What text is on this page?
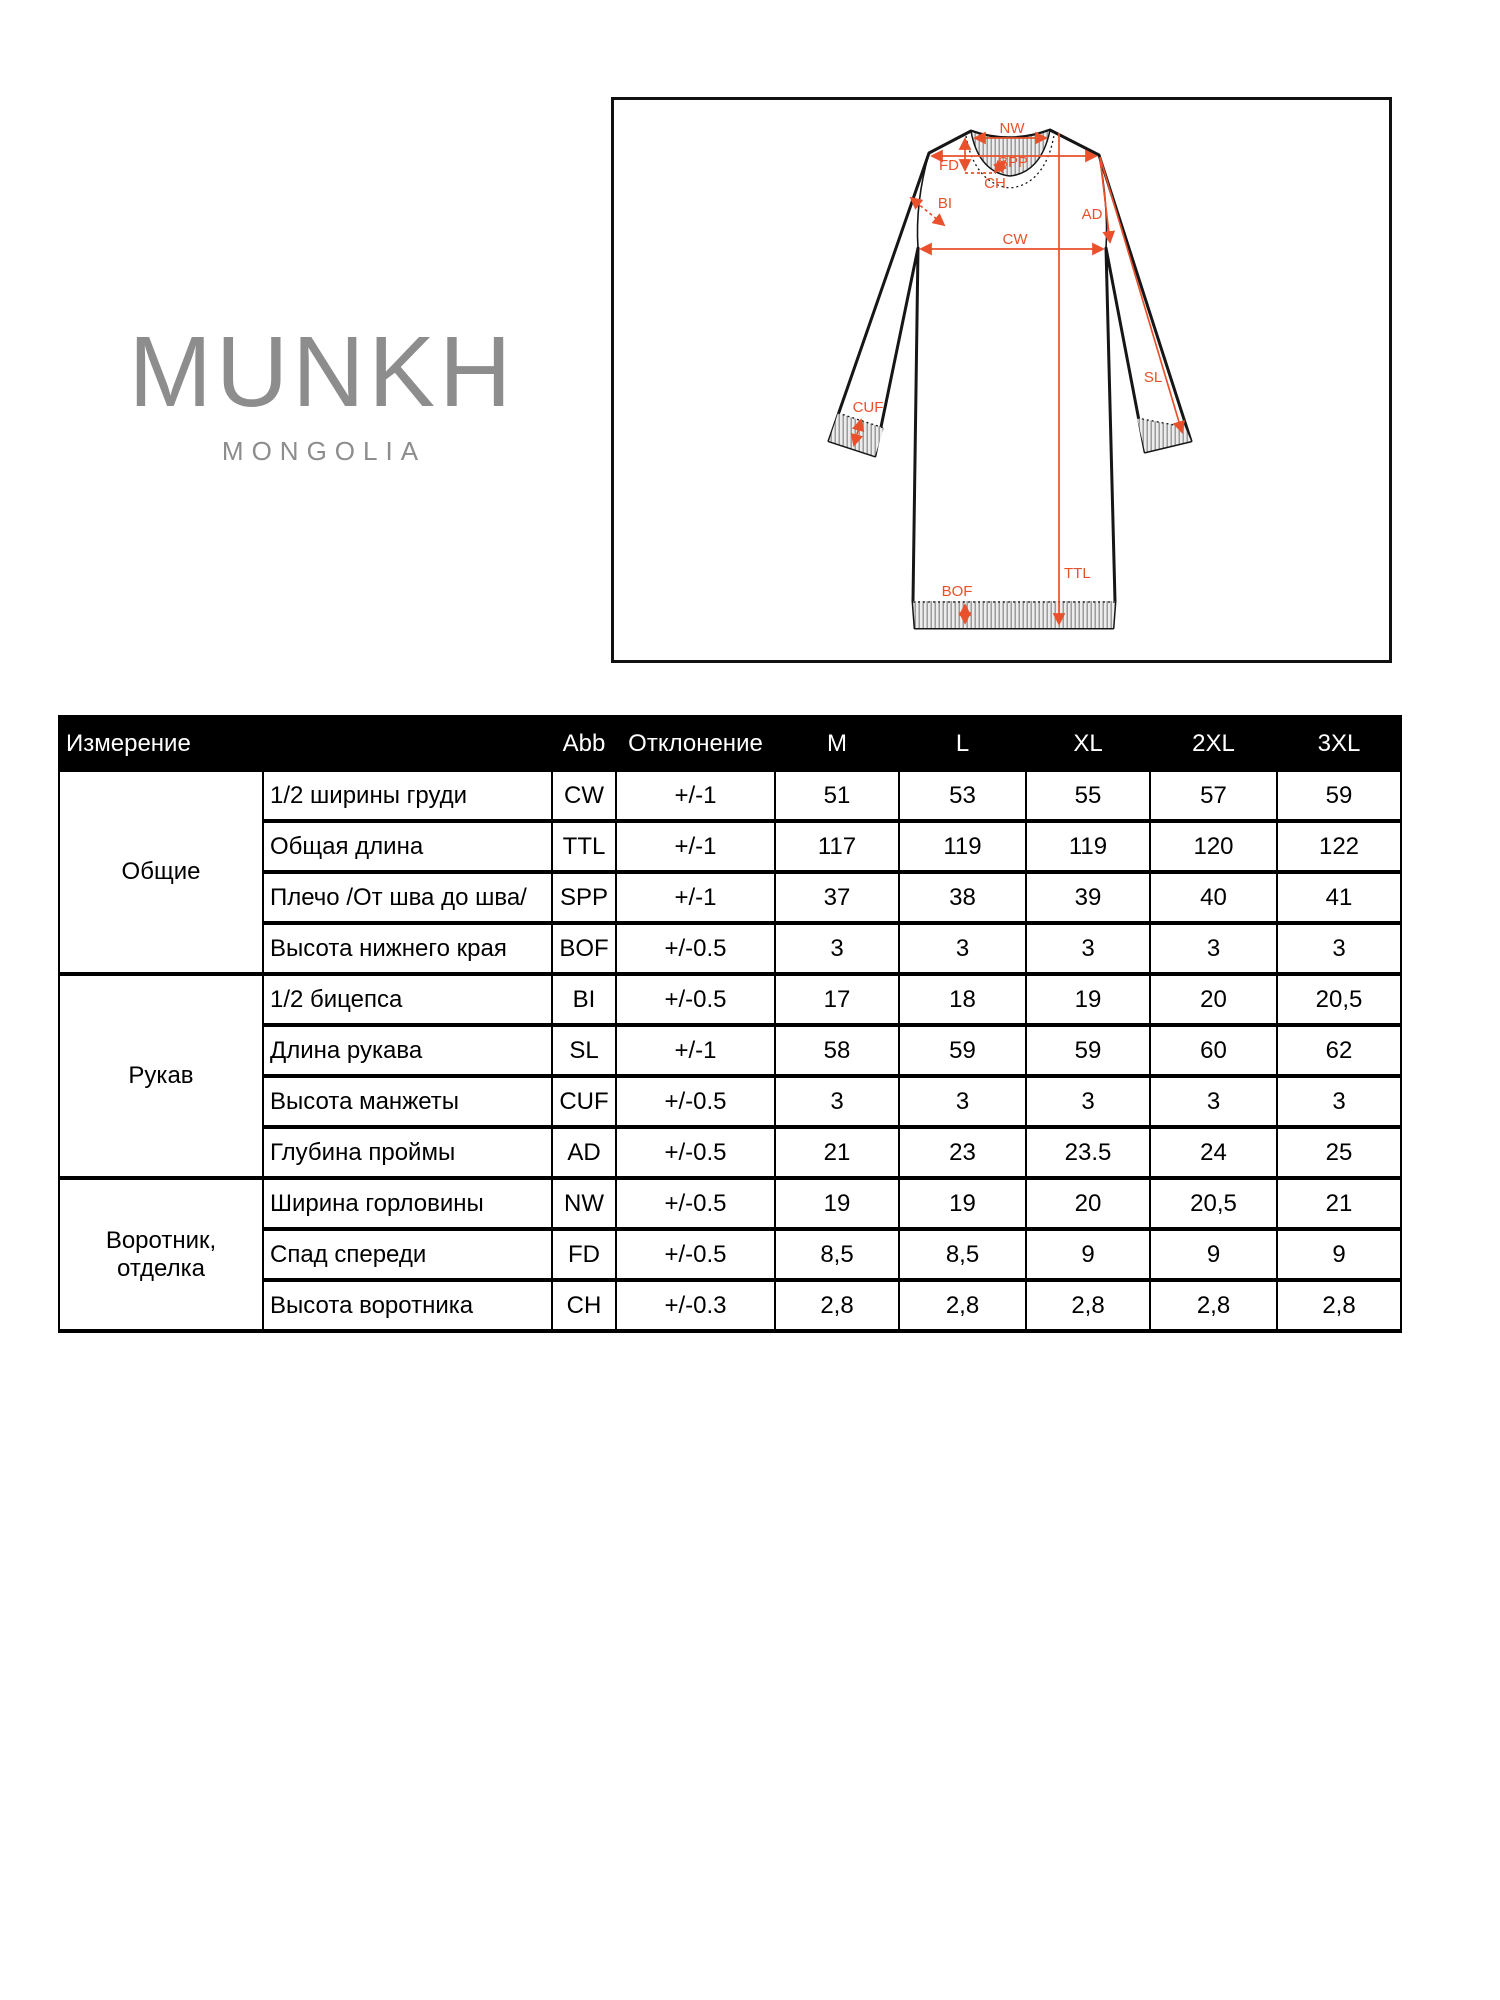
MUNKH
MONGOLIA
NW
SPP
FD
CH
BI
CW
AD
SL
TTL
CUF
BOF
Измерение		Abb	Отклонение	M	L	XL	2XL	3XL
Общие	1/2 ширины груди	CW	+/-1	51	53	55	57	59
	Общая длина	TTL	+/-1	117	119	119	120	122
	Плечо /От шва до шва/	SPP	+/-1	37	38	39	40	41
	Высота нижнего края	BOF	+/-0.5	3	3	3	3	3
Рукав	1/2 бицепса	BI	+/-0.5	17	18	19	20	20,5
	Длина рукава	SL	+/-1	58	59	59	60	62
	Высота манжеты	CUF	+/-0.5	3	3	3	3	3
	Глубина проймы	AD	+/-0.5	21	23	23.5	24	25
Воротник, отделка	Ширина горловины	NW	+/-0.5	19	19	20	20,5	21
	Спад спереди	FD	+/-0.5	8,5	8,5	9	9	9
	Высота воротника	CH	+/-0.3	2,8	2,8	2,8	2,8	2,8
